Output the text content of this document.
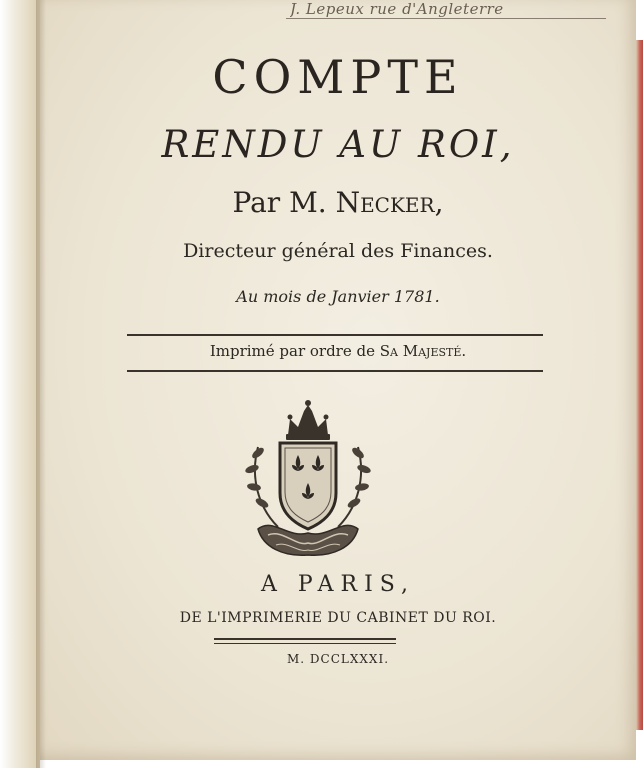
J. Lepeux rue d'Angleterre
COMPTE
RENDU AU ROI,
Par M. Necker,
Directeur général des Finances.
Au mois de Janvier 1781.
Imprimé par ordre de Sa Majesté.
A PARIS,
DE L'IMPRIMERIE DU CABINET DU ROI.
M. DCCLXXXI.
